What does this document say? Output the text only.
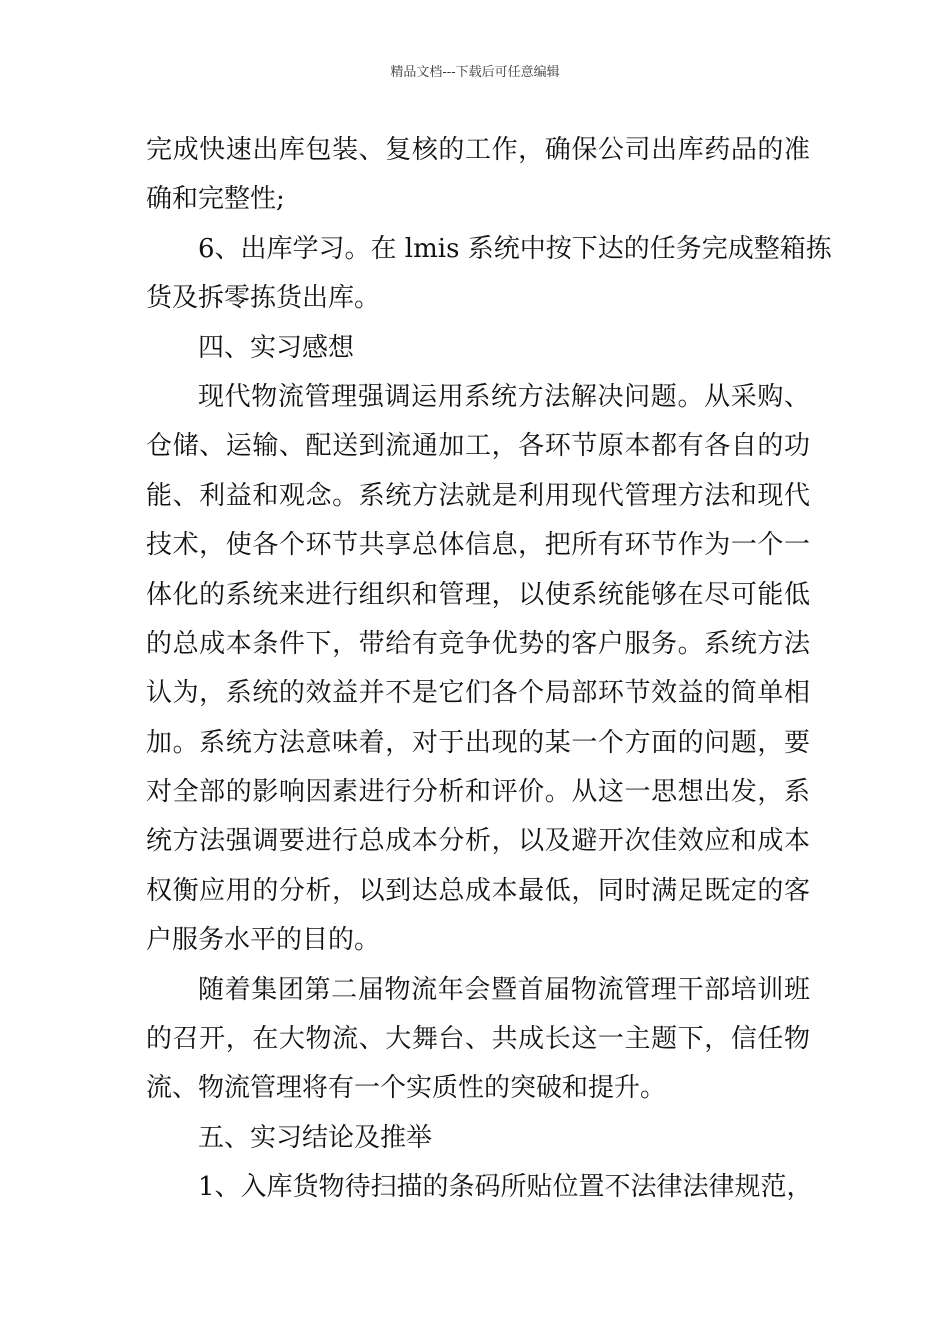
精品文档---下载后可任意编辑
完成快速出库包装、复核的工作，确保公司出库药品的准
确和完整性;
6、出库学习。在 lmis 系统中按下达的任务完成整箱拣
货及拆零拣货出库。
四、实习感想
现代物流管理强调运用系统方法解决问题。从采购、
仓储、运输、配送到流通加工，各环节原本都有各自的功
能、利益和观念。系统方法就是利用现代管理方法和现代
技术，使各个环节共享总体信息，把所有环节作为一个一
体化的系统来进行组织和管理，以使系统能够在尽可能低
的总成本条件下，带给有竞争优势的客户服务。系统方法
认为，系统的效益并不是它们各个局部环节效益的简单相
加。系统方法意味着，对于出现的某一个方面的问题，要
对全部的影响因素进行分析和评价。从这一思想出发，系
统方法强调要进行总成本分析，以及避开次佳效应和成本
权衡应用的分析，以到达总成本最低，同时满足既定的客
户服务水平的目的。
随着集团第二届物流年会暨首届物流管理干部培训班
的召开，在大物流、大舞台、共成长这一主题下，信任物
流、物流管理将有一个实质性的突破和提升。
五、实习结论及推举
1、入库货物待扫描的条码所贴位置不法律法律规范，
